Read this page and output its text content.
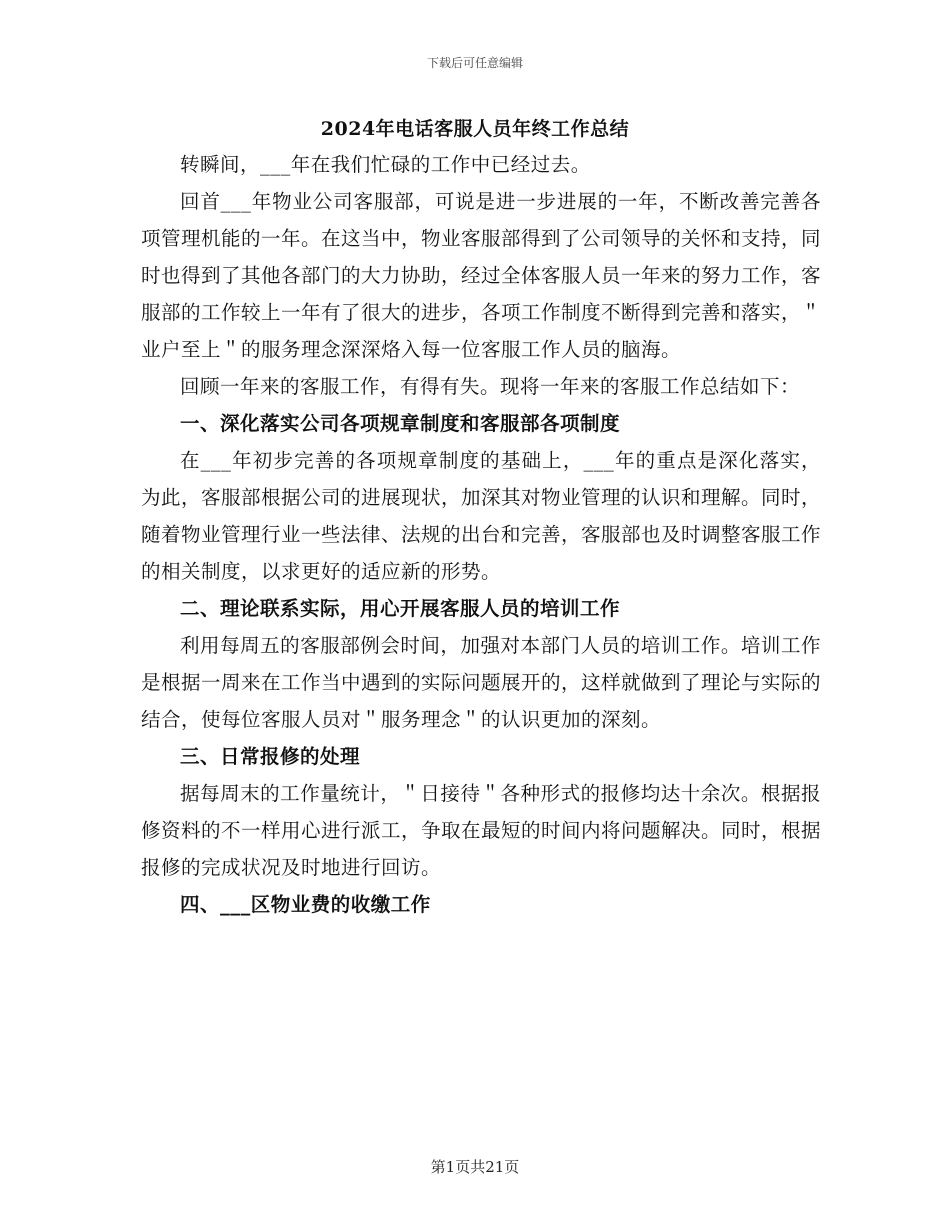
下载后可任意编辑
2024年电话客服人员年终工作总结

转瞬间，___年在我们忙碌的工作中已经过去。

回首___年物业公司客服部，可说是进一步进展的一年，不断改善完善各项管理机能的一年。在这当中，物业客服部得到了公司领导的关怀和支持，同时也得到了其他各部门的大力协助，经过全体客服人员一年来的努力工作，客服部的工作较上一年有了很大的进步，各项工作制度不断得到完善和落实，＂业户至上＂的服务理念深深烙入每一位客服工作人员的脑海。

回顾一年来的客服工作，有得有失。现将一年来的客服工作总结如下：

一、深化落实公司各项规章制度和客服部各项制度

在___年初步完善的各项规章制度的基础上，___年的重点是深化落实，为此，客服部根据公司的进展现状，加深其对物业管理的认识和理解。同时，随着物业管理行业一些法律、法规的出台和完善，客服部也及时调整客服工作的相关制度，以求更好的适应新的形势。

二、理论联系实际，用心开展客服人员的培训工作

利用每周五的客服部例会时间，加强对本部门人员的培训工作。培训工作是根据一周来在工作当中遇到的实际问题展开的，这样就做到了理论与实际的结合，使每位客服人员对＂服务理念＂的认识更加的深刻。

三、日常报修的处理

据每周末的工作量统计，＂日接待＂各种形式的报修均达十余次。根据报修资料的不一样用心进行派工，争取在最短的时间内将问题解决。同时，根据报修的完成状况及时地进行回访。

四、___区物业费的收缴工作

第1页共21页
